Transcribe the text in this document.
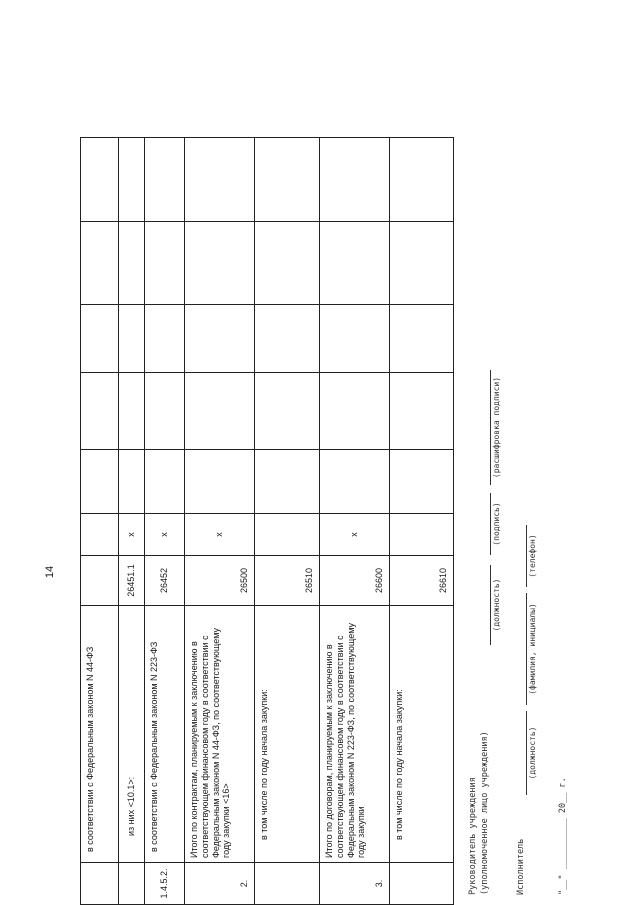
14
	в соответствии с Федеральным законом N 44-ФЗ							
	из них <10.1>:	26451.1	x					
1.4.5.2.	в соответствии с Федеральным законом N 223-ФЗ	26452	x					
2.	Итого по контрактам, планируемым к заключению в соответствующем финансовом году в соответствии с Федеральным законом N 44-ФЗ, по соответствующему году закупки <16>	26500	x					
	в том числе по году начала закупки:	26510		

3.	Итого по договорам, планируемым к заключению в соответствующем финансовом году в соответствии с Федеральным законом N 223-ФЗ, по соответствующему году закупки	26600	x					
	в том числе по году начала закупки:	26610		

Руководитель учреждения (уполномоченное лицо учреждения)
(должность)
(подпись)
(расшифровка подписи)
Исполнитель
(должность)
(фамилия, инициалы)
(телефон)
"__" __________ 20__ г.
